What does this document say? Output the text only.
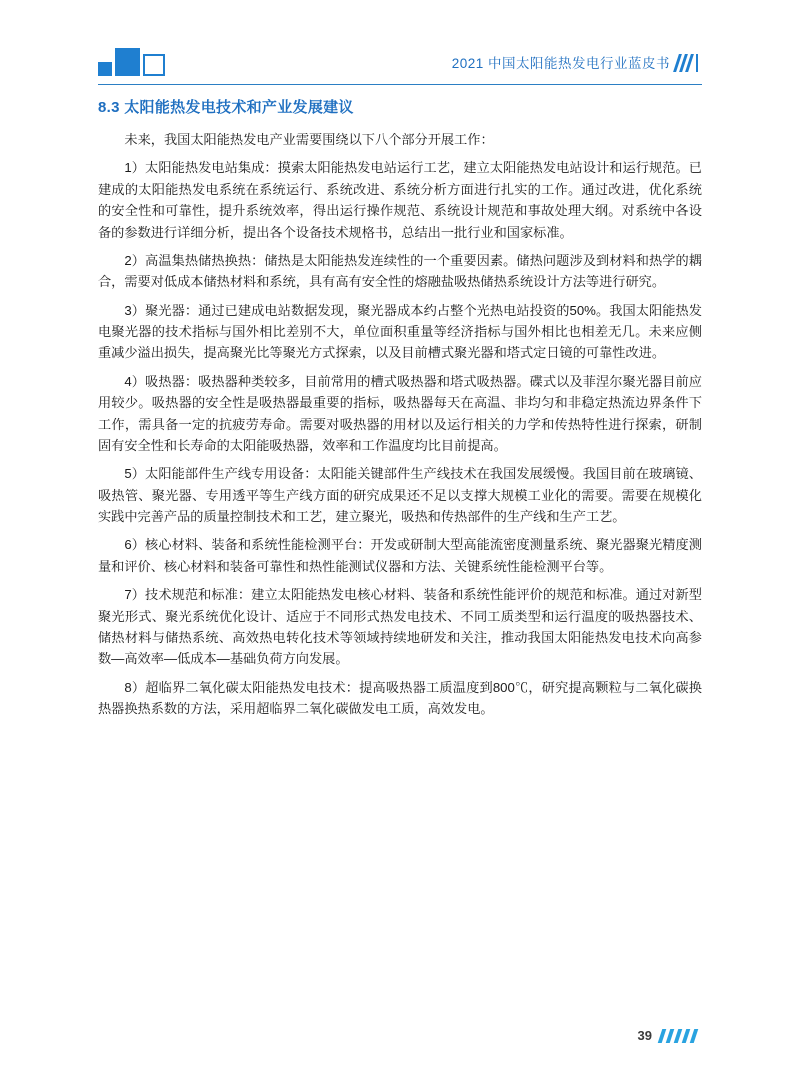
2021 中国太阳能热发电行业蓝皮书
8.3 太阳能热发电技术和产业发展建议

未来，我国太阳能热发电产业需要围绕以下八个部分开展工作：

1）太阳能热发电站集成：摸索太阳能热发电站运行工艺，建立太阳能热发电站设计和运行规范。已建成的太阳能热发电系统在系统运行、系统改进、系统分析方面进行扎实的工作。通过改进，优化系统的安全性和可靠性，提升系统效率，得出运行操作规范、系统设计规范和事故处理大纲。对系统中各设备的参数进行详细分析，提出各个设备技术规格书，总结出一批行业和国家标准。

2）高温集热储热换热：储热是太阳能热发连续性的一个重要因素。储热问题涉及到材料和热学的耦合，需要对低成本储热材料和系统，具有高有安全性的熔融盐吸热储热系统设计方法等进行研究。

3）聚光器：通过已建成电站数据发现，聚光器成本约占整个光热电站投资的50%。我国太阳能热发电聚光器的技术指标与国外相比差别不大，单位面积重量等经济指标与国外相比也相差无几。未来应侧重减少溢出损失，提高聚光比等聚光方式探索，以及目前槽式聚光器和塔式定日镜的可靠性改进。

4）吸热器：吸热器种类较多，目前常用的槽式吸热器和塔式吸热器。碟式以及菲涅尔聚光器目前应用较少。吸热器的安全性是吸热器最重要的指标，吸热器每天在高温、非均匀和非稳定热流边界条件下工作，需具备一定的抗疲劳寿命。需要对吸热器的用材以及运行相关的力学和传热特性进行探索，研制固有安全性和长寿命的太阳能吸热器，效率和工作温度均比目前提高。

5）太阳能部件生产线专用设备：太阳能关键部件生产线技术在我国发展缓慢。我国目前在玻璃镜、吸热管、聚光器、专用透平等生产线方面的研究成果还不足以支撑大规模工业化的需要。需要在规模化实践中完善产品的质量控制技术和工艺，建立聚光，吸热和传热部件的生产线和生产工艺。

6）核心材料、装备和系统性能检测平台：开发或研制大型高能流密度测量系统、聚光器聚光精度测量和评价、核心材料和装备可靠性和热性能测试仪器和方法、关键系统性能检测平台等。

7）技术规范和标准：建立太阳能热发电核心材料、装备和系统性能评价的规范和标准。通过对新型聚光形式、聚光系统优化设计、适应于不同形式热发电技术、不同工质类型和运行温度的吸热器技术、储热材料与储热系统、高效热电转化技术等领域持续地研发和关注，推动我国太阳能热发电技术向高参数—高效率—低成本—基础负荷方向发展。

8）超临界二氧化碳太阳能热发电技术：提高吸热器工质温度到800℃，研究提高颗粒与二氧化碳换热器换热系数的方法，采用超临界二氧化碳做发电工质，高效发电。

39
